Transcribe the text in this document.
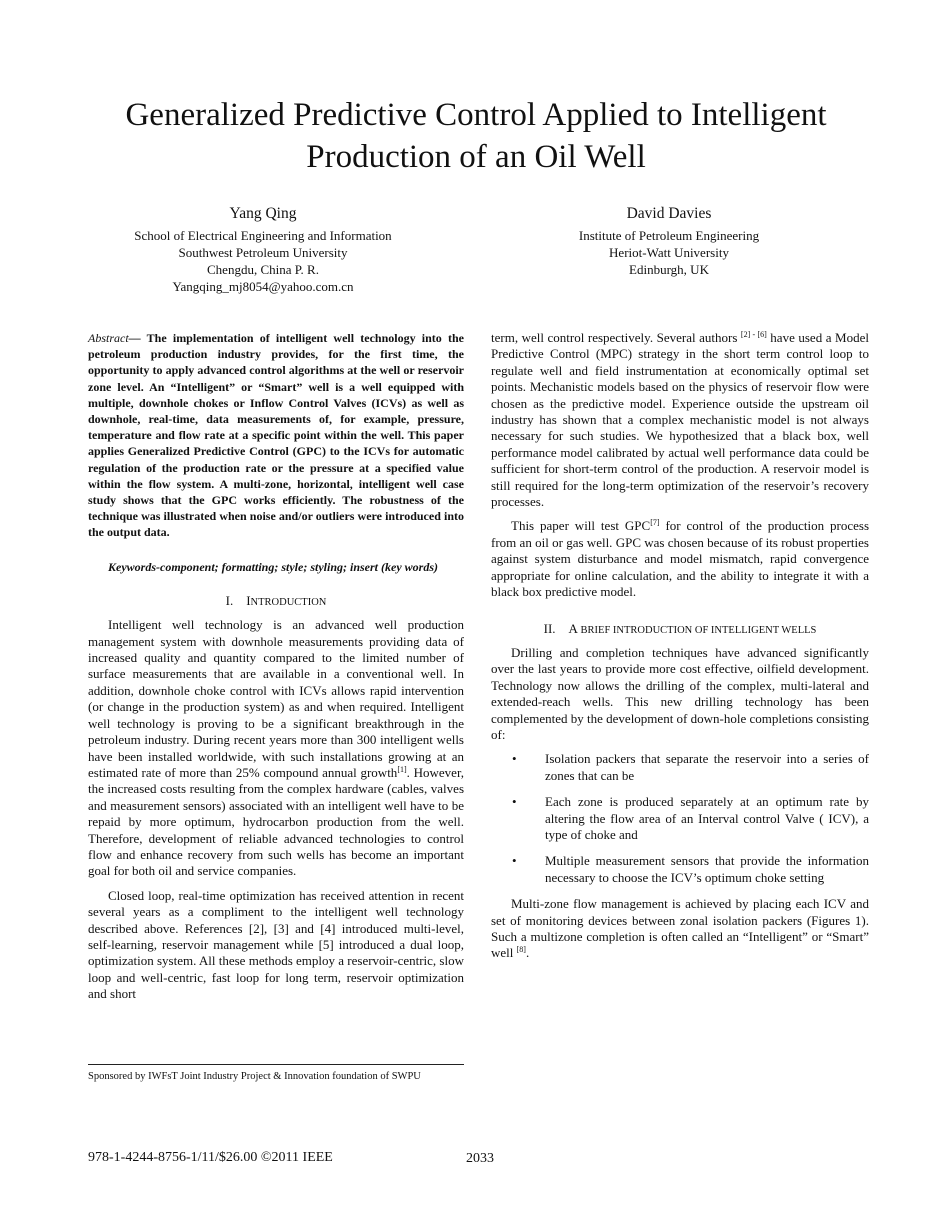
Generalized Predictive Control Applied to Intelligent Production of an Oil Well
Yang Qing
School of Electrical Engineering and Information
Southwest Petroleum University
Chengdu, China P. R.
Yangqing_mj8054@yahoo.com.cn
David Davies
Institute of Petroleum Engineering
Heriot-Watt University
Edinburgh, UK

Abstract— The implementation of intelligent well technology into the petroleum production industry provides, for the first time, the opportunity to apply advanced control algorithms at the well or reservoir zone level. An “Intelligent” or “Smart” well is a well equipped with multiple, downhole chokes or Inflow Control Valves (ICVs) as well as downhole, real-time, data measurements of, for example, pressure, temperature and flow rate at a specific point within the well. This paper applies Generalized Predictive Control (GPC) to the ICVs for automatic regulation of the production rate or the pressure at a specified value within the flow system. A multi-zone, horizontal, intelligent well case study shows that the GPC works efficiently. The robustness of the technique was illustrated when noise and/or outliers were introduced into the output data.

Keywords-component; formatting; style; styling; insert (key words)

I. INTRODUCTION

Intelligent well technology is an advanced well production management system with downhole measurements providing data of increased quality and quantity compared to the limited number of surface measurements that are available in a conventional well. In addition, downhole choke control with ICVs allows rapid intervention (or change in the production system) as and when required. Intelligent well technology is proving to be a significant breakthrough in the petroleum industry. During recent years more than 300 intelligent wells have been installed worldwide, with such installations growing at an estimated rate of more than 25% compound annual growth[1]. However, the increased costs resulting from the complex hardware (cables, valves and measurement sensors) associated with an intelligent well have to be repaid by more optimum, hydrocarbon production from the well. Therefore, development of reliable advanced technologies to control flow and enhance recovery from such wells has become an important goal for both oil and service companies.

Closed loop, real-time optimization has received attention in recent several years as a compliment to the intelligent well technology described above. References [2], [3] and [4] introduced multi-level, self-learning, reservoir management while [5] introduced a dual loop, optimization system. All these methods employ a reservoir-centric, slow loop and well-centric, fast loop for long term, reservoir optimization and short

term, well control respectively. Several authors [2] - [6] have used a Model Predictive Control (MPC) strategy in the short term control loop to regulate well and field instrumentation at economically optimal set points. Mechanistic models based on the physics of reservoir flow were chosen as the predictive model. Experience outside the upstream oil industry has shown that a complex mechanistic model is not always necessary for such studies. We hypothesized that a black box, well performance model calibrated by actual well performance data could be sufficient for short-term control of the production. A reservoir model is still required for the long-term optimization of the reservoir’s recovery processes.

This paper will test GPC[7] for control of the production process from an oil or gas well. GPC was chosen because of its robust properties against system disturbance and model mismatch, rapid convergence appropriate for online calculation, and the ability to integrate it with a black box predictive model.

II. A BRIEF INTRODUCTION OF INTELLIGENT WELLS

Drilling and completion techniques have advanced significantly over the last years to provide more cost effective, oilfield development. Technology now allows the drilling of the complex, multi-lateral and extended-reach wells. This new drilling technology has been complemented by the development of down-hole completions consisting of:

• Isolation packers that separate the reservoir into a series of zones that can be
• Each zone is produced separately at an optimum rate by altering the flow area of an Interval control Valve ( ICV), a type of choke and
• Multiple measurement sensors that provide the information necessary to choose the ICV’s optimum choke setting

Multi-zone flow management is achieved by placing each ICV and set of monitoring devices between zonal isolation packers (Figures 1). Such a multizone completion is often called an “Intelligent” or “Smart” well [8].

Sponsored by IWFsT Joint Industry Project & Innovation foundation of SWPU
978-1-4244-8756-1/11/$26.00 ©2011 IEEE	2033
